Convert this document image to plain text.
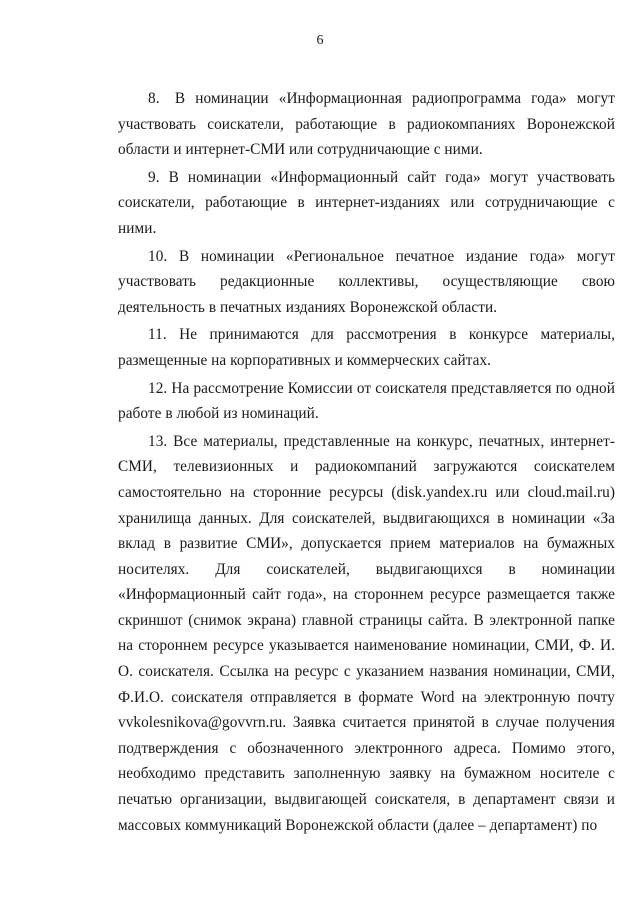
6

8. В номинации «Информационная радиопрограмма года» могут участвовать соискатели, работающие в радиокомпаниях Воронежской области и интернет-СМИ или сотрудничающие с ними.

9. В номинации «Информационный сайт года» могут участвовать соискатели, работающие в интернет-изданиях или сотрудничающие с ними.

10. В номинации «Региональное печатное издание года» могут участвовать редакционные коллективы, осуществляющие свою деятельность в печатных изданиях Воронежской области.

11. Не принимаются для рассмотрения в конкурсе материалы, размещенные на корпоративных и коммерческих сайтах.

12. На рассмотрение Комиссии от соискателя представляется по одной работе в любой из номинаций.

13. Все материалы, представленные на конкурс, печатных, интернет-СМИ, телевизионных и радиокомпаний загружаются соискателем самостоятельно на сторонние ресурсы (disk.yandex.ru или cloud.mail.ru) хранилища данных. Для соискателей, выдвигающихся в номинации «За вклад в развитие СМИ», допускается прием материалов на бумажных носителях. Для соискателей, выдвигающихся в номинации «Информационный сайт года», на стороннем ресурсе размещается также скриншот (снимок экрана) главной страницы сайта. В электронной папке на стороннем ресурсе указывается наименование номинации, СМИ, Ф. И. О. соискателя. Ссылка на ресурс с указанием названия номинации, СМИ, Ф.И.О. соискателя отправляется в формате Word на электронную почту vvkolesnikova@govvrn.ru. Заявка считается принятой в случае получения подтверждения с обозначенного электронного адреса. Помимо этого, необходимо представить заполненную заявку на бумажном носителе с печатью организации, выдвигающей соискателя, в департамент связи и массовых коммуникаций Воронежской области (далее – департамент) по
